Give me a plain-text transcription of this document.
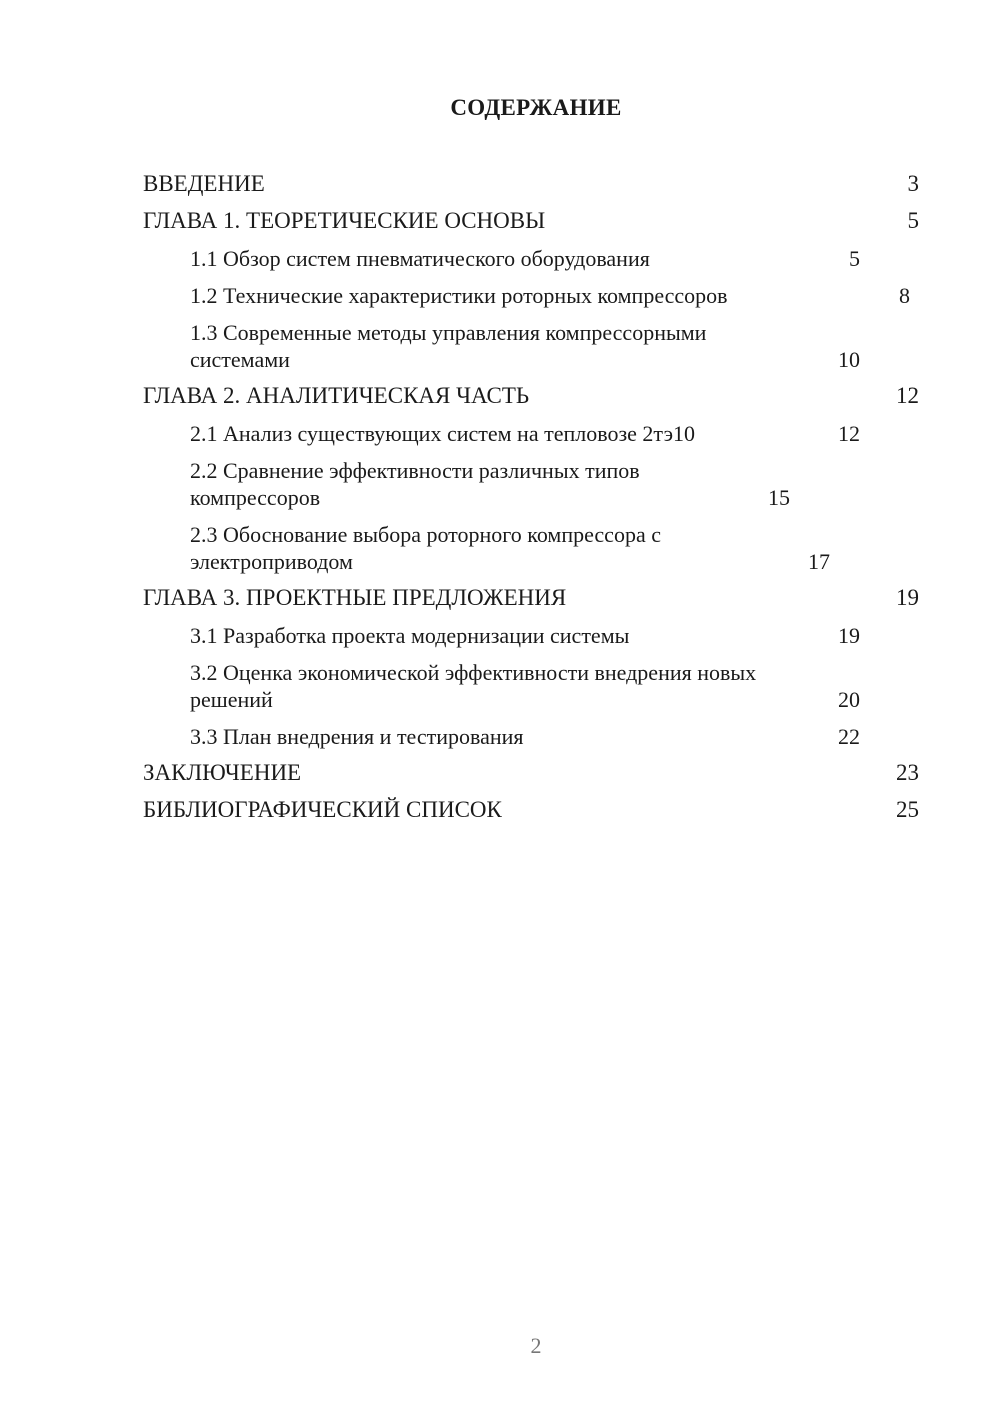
СОДЕРЖАНИЕ
ВВЕДЕНИЕ	3
ГЛАВА 1. ТЕОРЕТИЧЕСКИЕ ОСНОВЫ	5
1.1 Обзор систем пневматического оборудования	5
1.2 Технические характеристики роторных компрессоров	8
1.3 Современные методы управления компрессорными системами	10
ГЛАВА 2. АНАЛИТИЧЕСКАЯ ЧАСТЬ	12
2.1 Анализ существующих систем на тепловозе 2тэ10	12
2.2 Сравнение эффективности различных типов компрессоров	15
2.3 Обоснование выбора роторного компрессора с электроприводом	17
ГЛАВА 3. ПРОЕКТНЫЕ ПРЕДЛОЖЕНИЯ	19
3.1 Разработка проекта модернизации системы	19
3.2 Оценка экономической эффективности внедрения новых решений	20
3.3 План внедрения и тестирования	22
ЗАКЛЮЧЕНИЕ	23
БИБЛИОГРАФИЧЕСКИЙ СПИСОК	25
2
